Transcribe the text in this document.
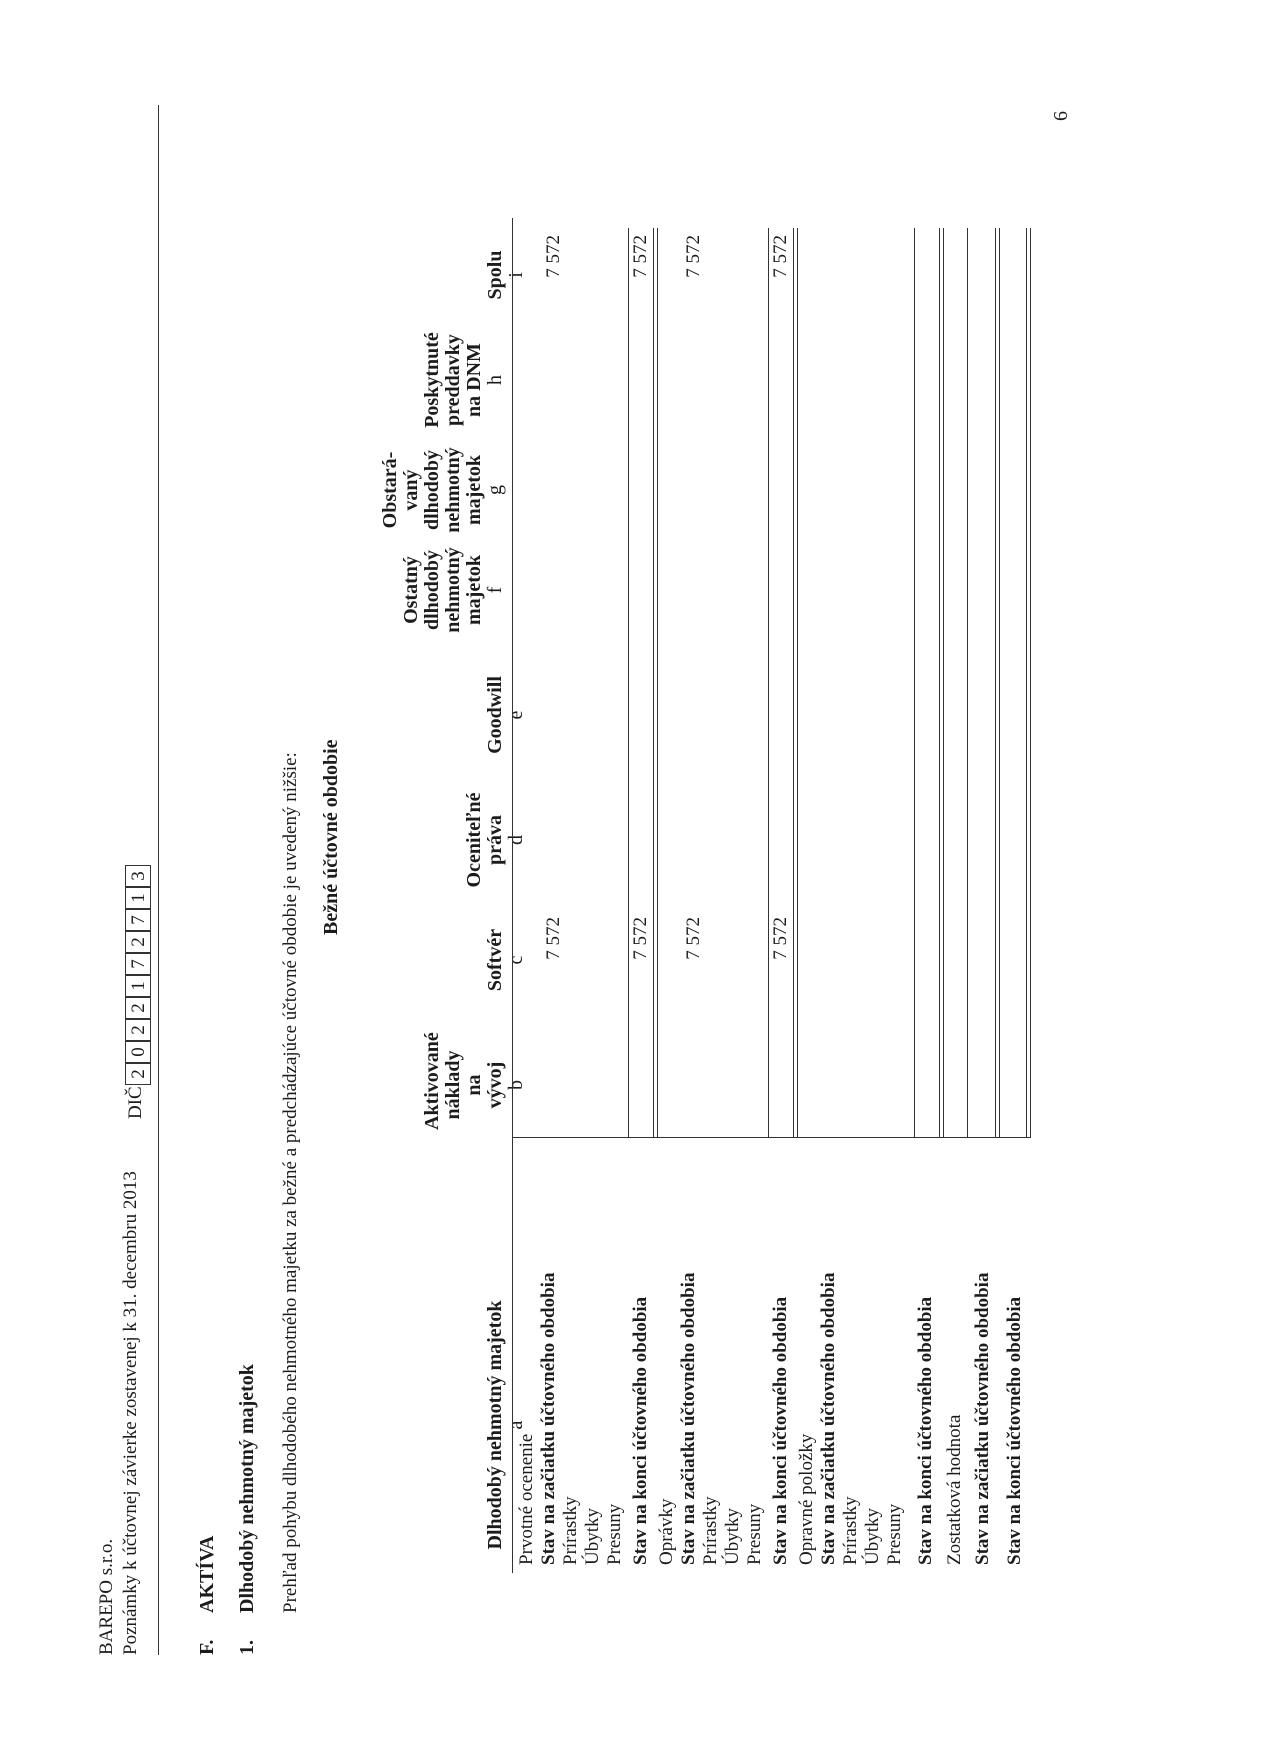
BAREPO s.r.o. Poznámky k účtovnej závierke zostavenej k 31. decembru 2013
DIČ
2
0
2
2
1
7
2
7
1
3
F.
AKTÍVA
1.
Dlhodobý nehmotný majetok Prehľad pohybu dlhodobého nehmotného majetku za bežné a predchádzajúce účtovné obdobie je uvedený nižšie: Bežné účtovné obdobie
Dlhodobý nehmotný majetok a
Aktivované náklady na vývoj b
Softvér c
Oceniteľné práva d
Goodwill e
Ostatný dlhodobý nehmotný majetok f
Obstará- vaný dlhodobý nehmotný majetok g
Poskytnuté preddavky na DNM h
Spolu i
Prvotné ocenenie Stav na začiatku účtovného obdobia Prírastky Úbytky Presuny Stav na konci účtovného obdobia Oprávky Stav na začiatku účtovného obdobia Prírastky Úbytky Presuny Stav na konci účtovného obdobia Opravné položky Stav na začiatku účtovného obdobia Prírastky Úbytky Presuny Stav na konci účtovného obdobia Zostatková hodnota Stav na začiatku účtovného obdobia Stav na konci účtovného obdobia
7 572
7 572
7 572
7 572
7 572
7 572
7 572
7 572
6
